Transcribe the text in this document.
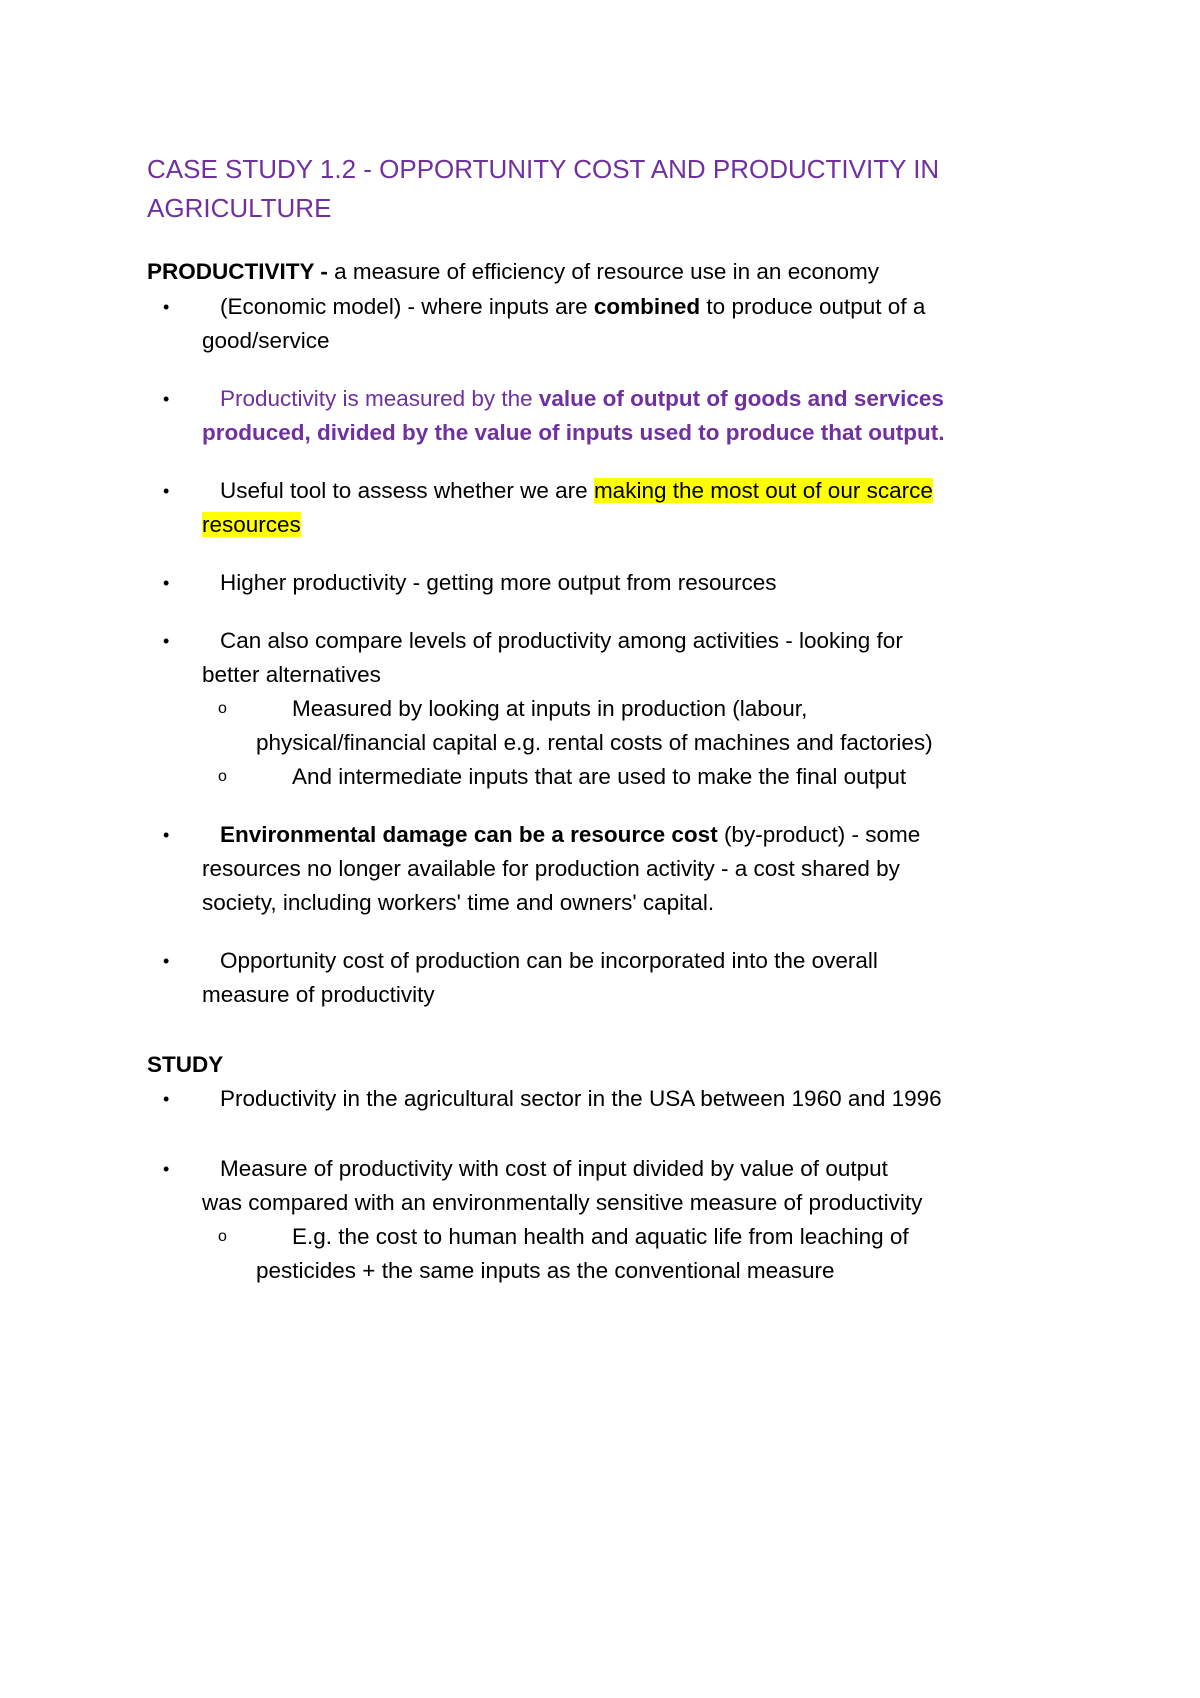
CASE STUDY 1.2 - OPPORTUNITY COST AND PRODUCTIVITY IN
AGRICULTURE
PRODUCTIVITY - a measure of efficiency of resource use in an economy
•	(Economic model) - where inputs are combined to produce output of a
good/service
•	Productivity is measured by the value of output of goods and services
produced, divided by the value of inputs used to produce that output.
•	Useful tool to assess whether we are making the most out of our scarce
resources
•	Higher productivity - getting more output from resources
•	Can also compare levels of productivity among activities - looking for
better alternatives
o	Measured by looking at inputs in production (labour,
physical/financial capital e.g. rental costs of machines and factories)
o	And intermediate inputs that are used to make the final output
•	Environmental damage can be a resource cost (by-product) - some
resources no longer available for production activity - a cost shared by
society, including workers' time and owners' capital.
•	Opportunity cost of production can be incorporated into the overall
measure of productivity
STUDY
•	Productivity in the agricultural sector in the USA between 1960 and 1996
•	Measure of productivity with cost of input divided by value of output
was compared with an environmentally sensitive measure of productivity
o	E.g. the cost to human health and aquatic life from leaching of
pesticides + the same inputs as the conventional measure
